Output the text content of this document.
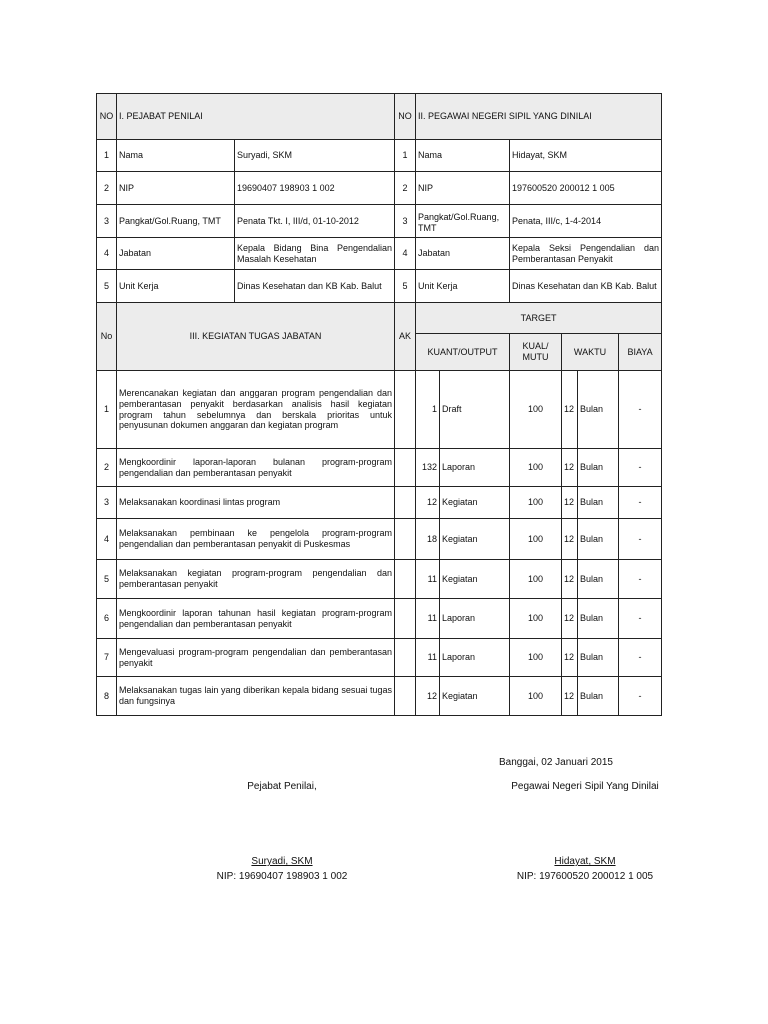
NO	I. PEJABAT PENILAI		NO	II. PEGAWAI NEGERI SIPIL YANG DINILAI					
1	Nama	Suryadi, SKM	1	Nama		Hidayat, SKM			
2	NIP	19690407 198903 1 002	2	NIP		197600520 200012 1 005			
3	Pangkat/Gol.Ruang, TMT	Penata Tkt. I, III/d, 01-10-2012	3	Pangkat/Gol.Ruang, TMT		Penata, III/c, 1-4-2014			
4	Jabatan	Kepala Bidang Bina Pengendalian Masalah Kesehatan	4	Jabatan		Kepala Seksi Pengendalian dan Pemberantasan Penyakit			
5	Unit Kerja	Dinas Kesehatan dan KB Kab. Balut	5	Unit Kerja		Dinas Kesehatan dan KB Kab. Balut			
No	III. KEGIATAN TUGAS JABATAN		AK	TARGET					
				KUANT/OUTPUT		KUAL/ MUTU	WAKTU		BIAYA
1	Merencanakan kegiatan dan anggaran program pengendalian dan pemberantasan penyakit berdasarkan analisis hasil kegiatan program tahun sebelumnya dan berskala prioritas untuk penyusunan dokumen anggaran dan kegiatan program			1	Draft	100	12	Bulan	-
2	Mengkoordinir laporan-laporan bulanan program-program pengendalian dan pemberantasan penyakit			132	Laporan	100	12	Bulan	-
3	Melaksanakan koordinasi lintas program			12	Kegiatan	100	12	Bulan	-
4	Melaksanakan pembinaan ke pengelola program-program pengendalian dan pemberantasan penyakit di Puskesmas			18	Kegiatan	100	12	Bulan	-
5	Melaksanakan kegiatan program-program pengendalian dan pemberantasan penyakit			11	Kegiatan	100	12	Bulan	-
6	Mengkoordinir laporan tahunan hasil kegiatan program-program pengendalian dan pemberantasan penyakit			11	Laporan	100	12	Bulan	-
7	Mengevaluasi program-program pengendalian dan pemberantasan penyakit			11	Laporan	100	12	Bulan	-
8	Melaksanakan tugas lain yang diberikan kepala bidang sesuai tugas dan fungsinya			12	Kegiatan	100	12	Bulan	-
Banggai, 02 Januari 2015
Pejabat Penilai,
Suryadi, SKM
NIP: 19690407 198903 1 002
Pegawai Negeri Sipil Yang Dinilai
Hidayat, SKM
NIP: 197600520 200012 1 005
